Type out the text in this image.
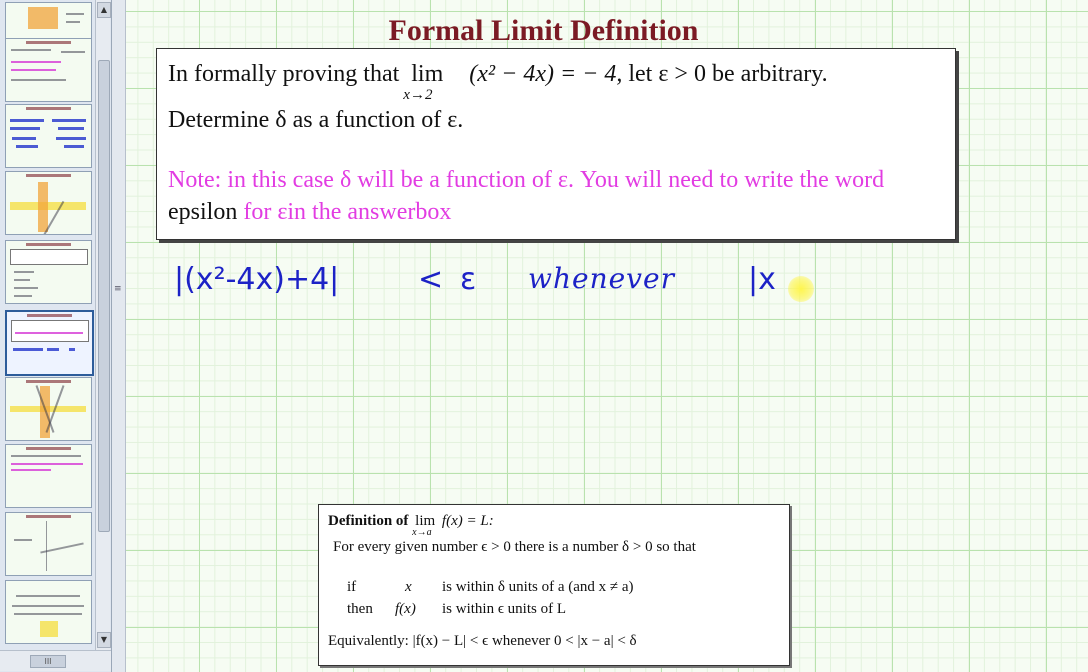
▲
▼
III
≡
Formal Limit Definition
In formally proving that lim
x→2
(x² − 4x) = − 4, let ε > 0 be arbitrary.
Determine δ as a function of ε.
Note: in this case δ will be a function of ε. You will need to write the word
epsilon for εin the answerbox
|(x²-4x)+4|	< ε whenever |x
Definition of lim
x→a
f(x) = L:
For every given number ϵ > 0 there is a number δ > 0 so that
if	x is within δ units of a (and x ≠ a)
then f(x) is within ϵ units of L
Equivalently: |f(x) − L| < ϵ whenever 0 < |x − a| < δ
